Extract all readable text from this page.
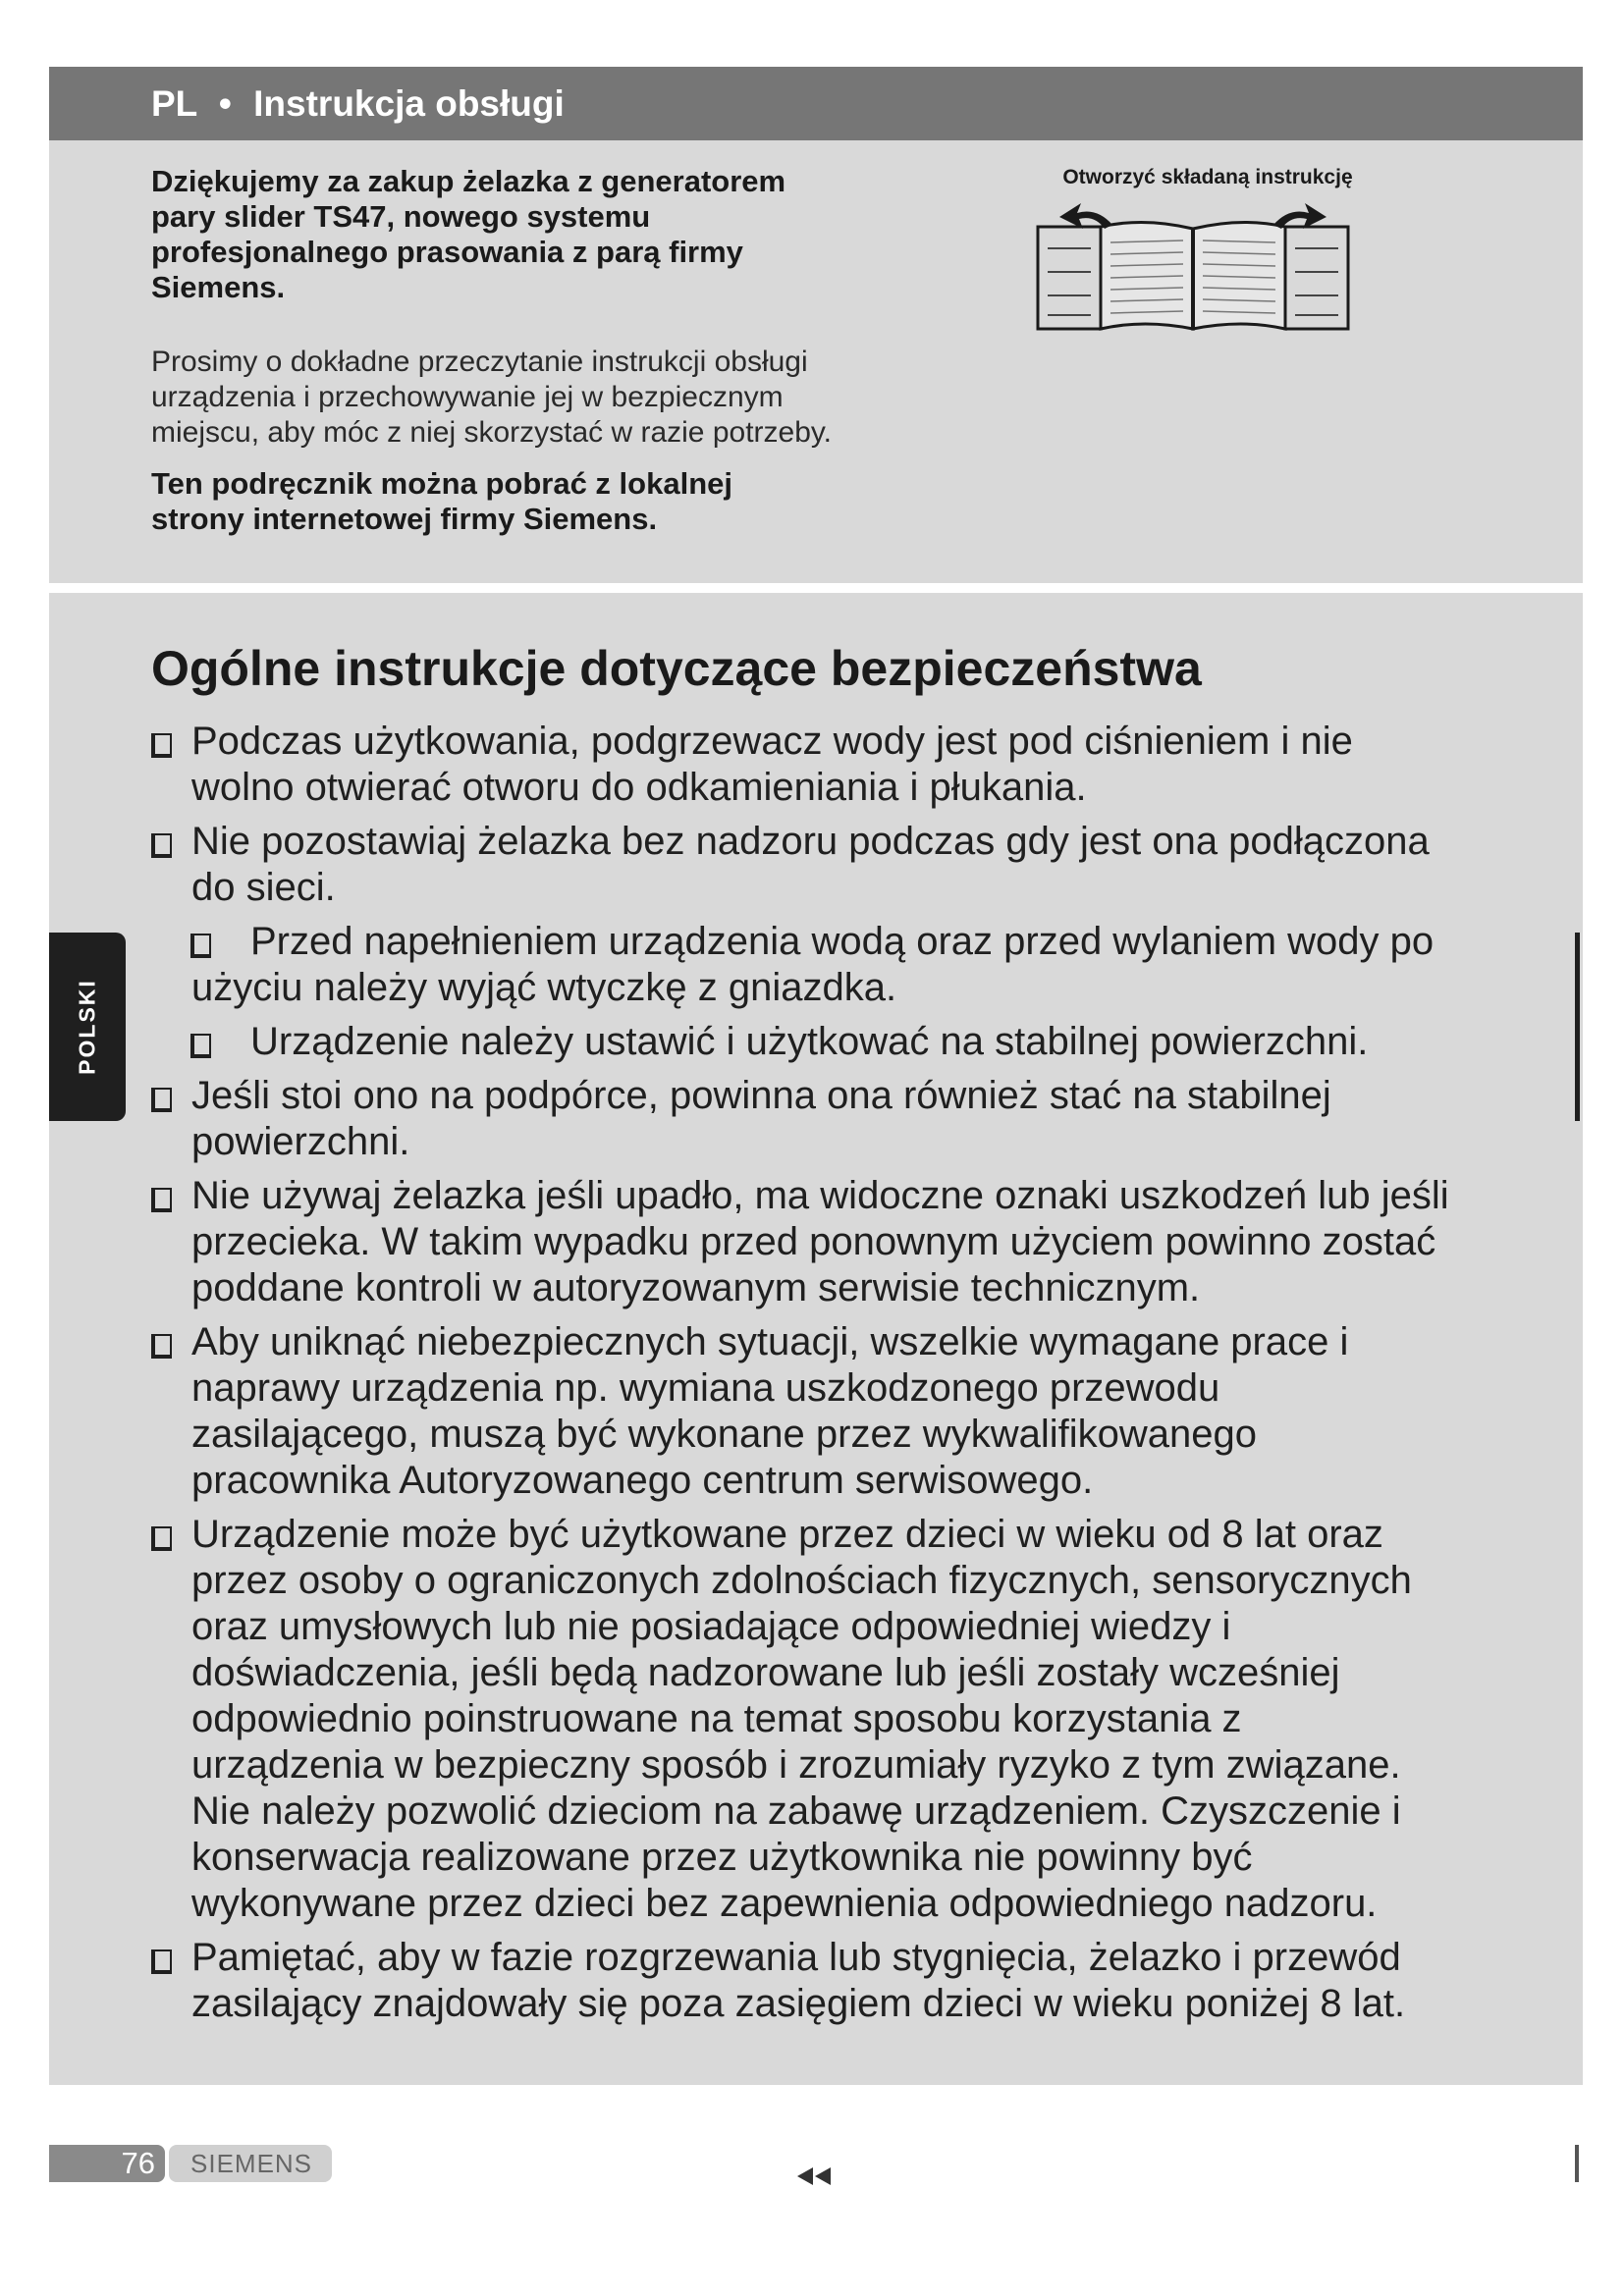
PL • Instrukcja obsługi
Dziękujemy za zakup żelazka z generatorem
pary slider TS47, nowego systemu
profesjonalnego prasowania z parą firmy
Siemens.
Prosimy o dokładne przeczytanie instrukcji obsługi
urządzenia i przechowywanie jej w bezpiecznym
miejscu, aby móc z niej skorzystać w razie potrzeby.
Ten podręcznik można pobrać z lokalnej
strony internetowej firmy Siemens.
Otworzyć składaną instrukcję
Ogólne instrukcje dotyczące bezpieczeństwa
Podczas użytkowania, podgrzewacz wody jest pod ciśnieniem i nie
wolno otwierać otworu do odkamieniania i płukania.
Nie pozostawiaj żelazka bez nadzoru podczas gdy jest ona podłączona
do sieci.
Przed napełnieniem urządzenia wodą oraz przed wylaniem wody po
użyciu należy wyjąć wtyczkę z gniazdka.
Urządzenie należy ustawić i użytkować na stabilnej powierzchni.
Jeśli stoi ono na podpórce, powinna ona również stać na stabilnej
powierzchni.
Nie używaj żelazka jeśli upadło, ma widoczne oznaki uszkodzeń lub jeśli
przecieka. W takim wypadku przed ponownym użyciem powinno zostać
poddane kontroli w autoryzowanym serwisie technicznym.
Aby uniknąć niebezpiecznych sytuacji, wszelkie wymagane prace i
naprawy urządzenia np. wymiana uszkodzonego przewodu
zasilającego, muszą być wykonane przez wykwalifikowanego
pracownika Autoryzowanego centrum serwisowego.
Urządzenie może być użytkowane przez dzieci w wieku od 8 lat oraz
przez osoby o ograniczonych zdolnościach fizycznych, sensorycznych
oraz umysłowych lub nie posiadające odpowiedniej wiedzy i
doświadczenia, jeśli będą nadzorowane lub jeśli zostały wcześniej
odpowiednio poinstruowane na temat sposobu korzystania z
urządzenia w bezpieczny sposób i zrozumiały ryzyko z tym związane.
Nie należy pozwolić dzieciom na zabawę urządzeniem. Czyszczenie i
konserwacja realizowane przez użytkownika nie powinny być
wykonywane przez dzieci bez zapewnienia odpowiedniego nadzoru.
Pamiętać, aby w fazie rozgrzewania lub stygnięcia, żelazko i przewód
zasilający znajdowały się poza zasięgiem dzieci w wieku poniżej 8 lat.
POLSKI
76	SIEMENS
